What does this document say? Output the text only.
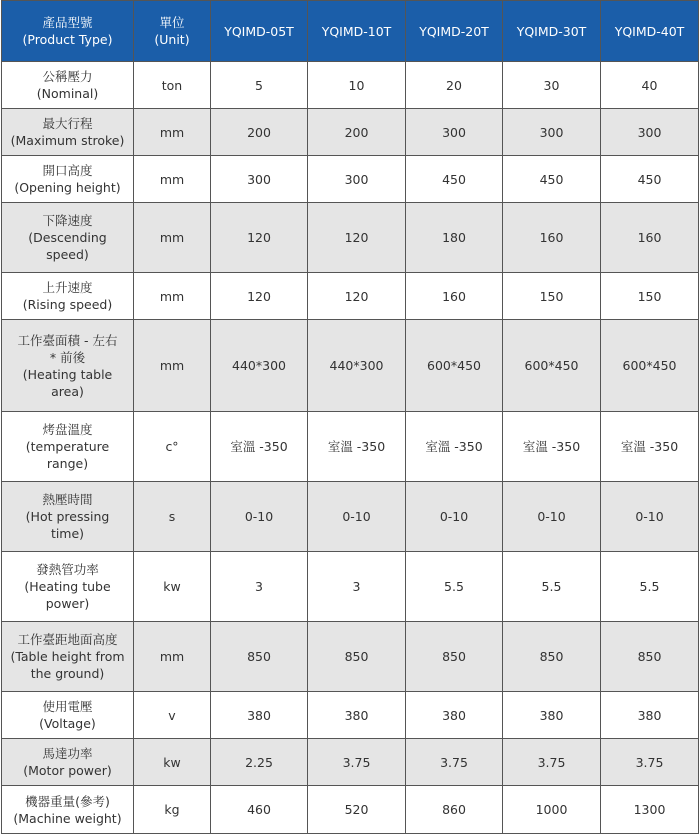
產品型號
(Product Type)	單位
(Unit)	YQIMD-05T	YQIMD-10T	YQIMD-20T	YQIMD-30T	YQIMD-40T

公稱壓力
(Nominal)	ton	5	10	20	30	40

最大行程
(Maximum stroke)	mm	200	200	300	300	300

開口高度
(Opening height)	mm	300	300	450	450	450

下降速度
(Descending
speed)	mm	120	120	180	160	160

上升速度
(Rising speed)	mm	120	120	160	150	150

工作臺面積 - 左右
* 前後
(Heating table
area)	mm	440*300	440*300	600*450	600*450	600*450

烤盘溫度
(temperature
range)	c°	室溫 -350	室溫 -350	室溫 -350	室溫 -350	室溫 -350

熱壓時間
(Hot pressing
time)	s	0-10	0-10	0-10	0-10	0-10

發熱管功率
(Heating tube
power)	kw	3	3	5.5	5.5	5.5

工作臺距地面高度
(Table height from
the ground)	mm	850	850	850	850	850

使用電壓
(Voltage)	v	380	380	380	380	380

馬達功率
(Motor power)	kw	2.25	3.75	3.75	3.75	3.75

機器重量(參考)
(Machine weight)	kg	460	520	860	1000	1300
